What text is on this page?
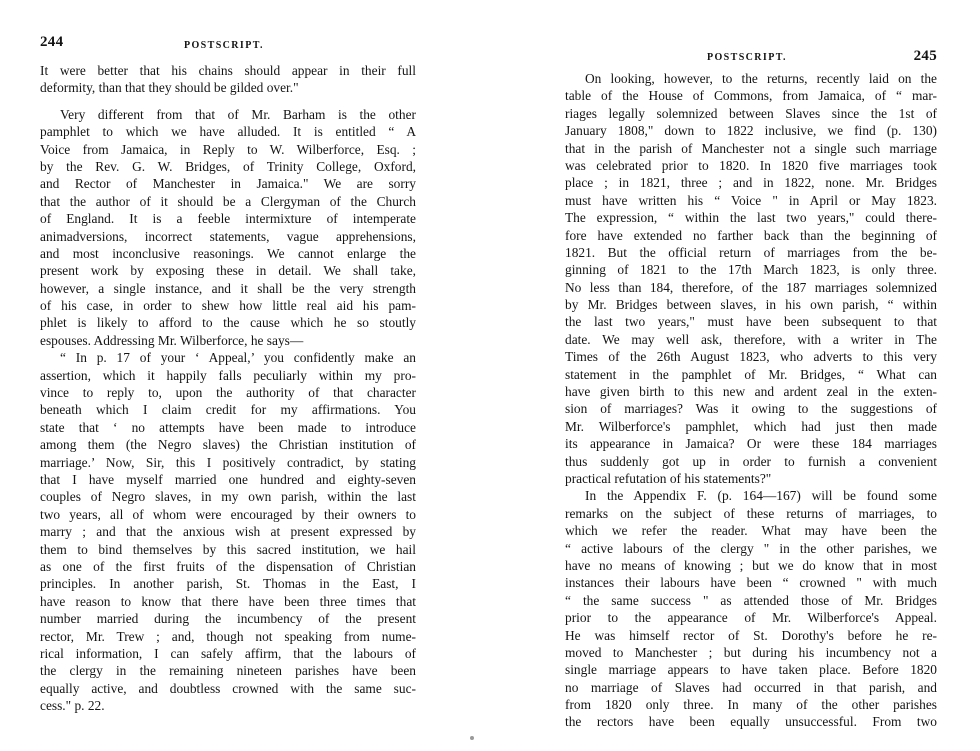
244	POSTSCRIPT.
It were better that his chains should appear in their full
deformity, than that they should be gilded over."
Very different from that of Mr. Barham is the other
pamphlet to which we have alluded. It is entitled “ A
Voice from Jamaica, in Reply to W. Wilberforce, Esq. ;
by the Rev. G. W. Bridges, of Trinity College, Oxford,
and Rector of Manchester in Jamaica." We are sorry
that the author of it should be a Clergyman of the Church
of England. It is a feeble intermixture of intemperate
animadversions, incorrect statements, vague apprehensions,
and most inconclusive reasonings. We cannot enlarge the
present work by exposing these in detail. We shall take,
however, a single instance, and it shall be the very strength
of his case, in order to shew how little real aid his pam-
phlet is likely to afford to the cause which he so stoutly
espouses. Addressing Mr. Wilberforce, he says—
“ In p. 17 of your ‘ Appeal,’ you confidently make an
assertion, which it happily falls peculiarly within my pro-
vince to reply to, upon the authority of that character
beneath which I claim credit for my affirmations. You
state that ‘ no attempts have been made to introduce
among them (the Negro slaves) the Christian institution of
marriage.’ Now, Sir, this I positively contradict, by stating
that I have myself married one hundred and eighty-seven
couples of Negro slaves, in my own parish, within the last
two years, all of whom were encouraged by their owners to
marry ; and that the anxious wish at present expressed by
them to bind themselves by this sacred institution, we hail
as one of the first fruits of the dispensation of Christian
principles. In another parish, St. Thomas in the East, I
have reason to know that there have been three times that
number married during the incumbency of the present
rector, Mr. Trew ; and, though not speaking from nume-
rical information, I can safely affirm, that the labours of
the clergy in the remaining nineteen parishes have been
equally active, and doubtless crowned with the same suc-
cess." p. 22.
POSTSCRIPT.	245
On looking, however, to the returns, recently laid on the
table of the House of Commons, from Jamaica, of “ mar-
riages legally solemnized between Slaves since the 1st of
January 1808," down to 1822 inclusive, we find (p. 130)
that in the parish of Manchester not a single such marriage
was celebrated prior to 1820. In 1820 five marriages took
place ; in 1821, three ; and in 1822, none. Mr. Bridges
must have written his “ Voice " in April or May 1823.
The expression, “ within the last two years," could there-
fore have extended no farther back than the beginning of
1821. But the official return of marriages from the be-
ginning of 1821 to the 17th March 1823, is only three.
No less than 184, therefore, of the 187 marriages solemnized
by Mr. Bridges between slaves, in his own parish, “ within
the last two years," must have been subsequent to that
date. We may well ask, therefore, with a writer in The
Times of the 26th August 1823, who adverts to this very
statement in the pamphlet of Mr. Bridges, “ What can
have given birth to this new and ardent zeal in the exten-
sion of marriages? Was it owing to the suggestions of
Mr. Wilberforce's pamphlet, which had just then made
its appearance in Jamaica? Or were these 184 marriages
thus suddenly got up in order to furnish a convenient
practical refutation of his statements?"
In the Appendix F. (p. 164—167) will be found some
remarks on the subject of these returns of marriages, to
which we refer the reader. What may have been the
“ active labours of the clergy " in the other parishes, we
have no means of knowing ; but we do know that in most
instances their labours have been “ crowned " with much
“ the same success " as attended those of Mr. Bridges
prior to the appearance of Mr. Wilberforce's Appeal.
He was himself rector of St. Dorothy's before he re-
moved to Manchester ; but during his incumbency not a
single marriage appears to have taken place. Before 1820
no marriage of Slaves had occurred in that parish, and
from 1820 only three. In many of the other parishes
the rectors have been equally unsuccessful. From two
